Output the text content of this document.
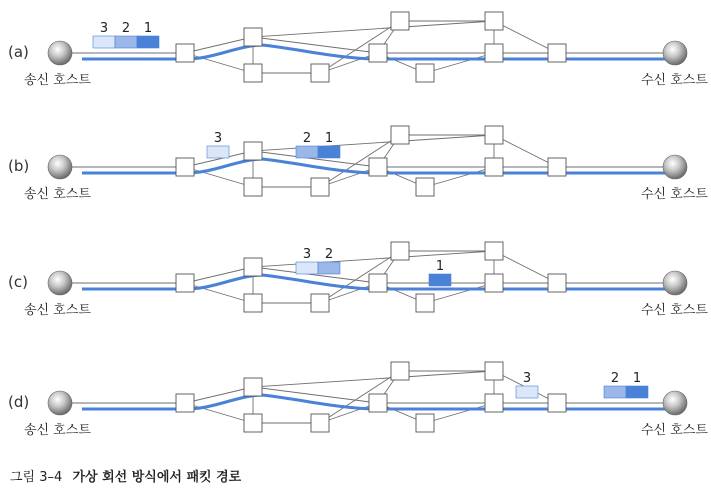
(a)
송신 호스트	수신 호스트
3 2 1
(b)
송신 호스트	수신 호스트
3	2 1
(c)
송신 호스트	수신 호스트
3 2
1
(d)
송신 호스트	수신 호스트
3	2 1
그림 3–4 가상 회선 방식에서 패킷 경로
